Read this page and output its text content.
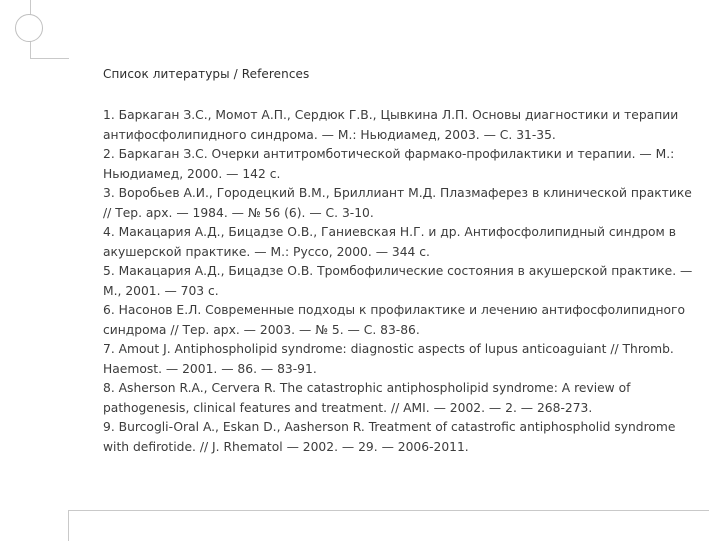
Список литературы / References
1. Баркаган З.С., Момот А.П., Сердюк Г.В., Цывкина Л.П. Основы диагностики и терапии антифосфолипидного синдрома. — М.: Ньюдиамед, 2003. — С. 31-35.
2. Баркаган З.С. Очерки антитромботической фармако-профилактики и терапии. — М.: Ньюдиамед, 2000. — 142 с.
3. Воробьев А.И., Городецкий В.М., Бриллиант М.Д. Плазмаферез в клинической практике // Тер. арх. — 1984. — № 56 (6). — С. 3-10.
4. Макацария А.Д., Бицадзе О.В., Ганиевская Н.Г. и др. Антифосфолипидный синдром в акушерской практике. — М.: Руссо, 2000. — 344 с.
5. Макацария А.Д., Бицадзе О.В. Тромбофилические состояния в акушерской практике. — М., 2001. — 703 с.
6. Насонов Е.Л. Современные подходы к профилактике и лечению антифосфолипидного синдрома // Тер. арх. — 2003. — № 5. — С. 83-86.
7. Amout J. Antiphospholipid syndrome: diagnostic aspects of lupus anticoaguiant // Thromb. Haemost. — 2001. — 86. — 83-91.
8. Asherson R.A., Cervera R. The catastrophic antiphospholipid syndrome: A review of pathogenesis, clinical features and treatment. // AMI. — 2002. — 2. — 268-273.
9. Burcogli-Oral A., Eskan D., Aasherson R. Treatment of catastrofic antiphospholid syndrome with defirotide. // J. Rhematol — 2002. — 29. — 2006-2011.
